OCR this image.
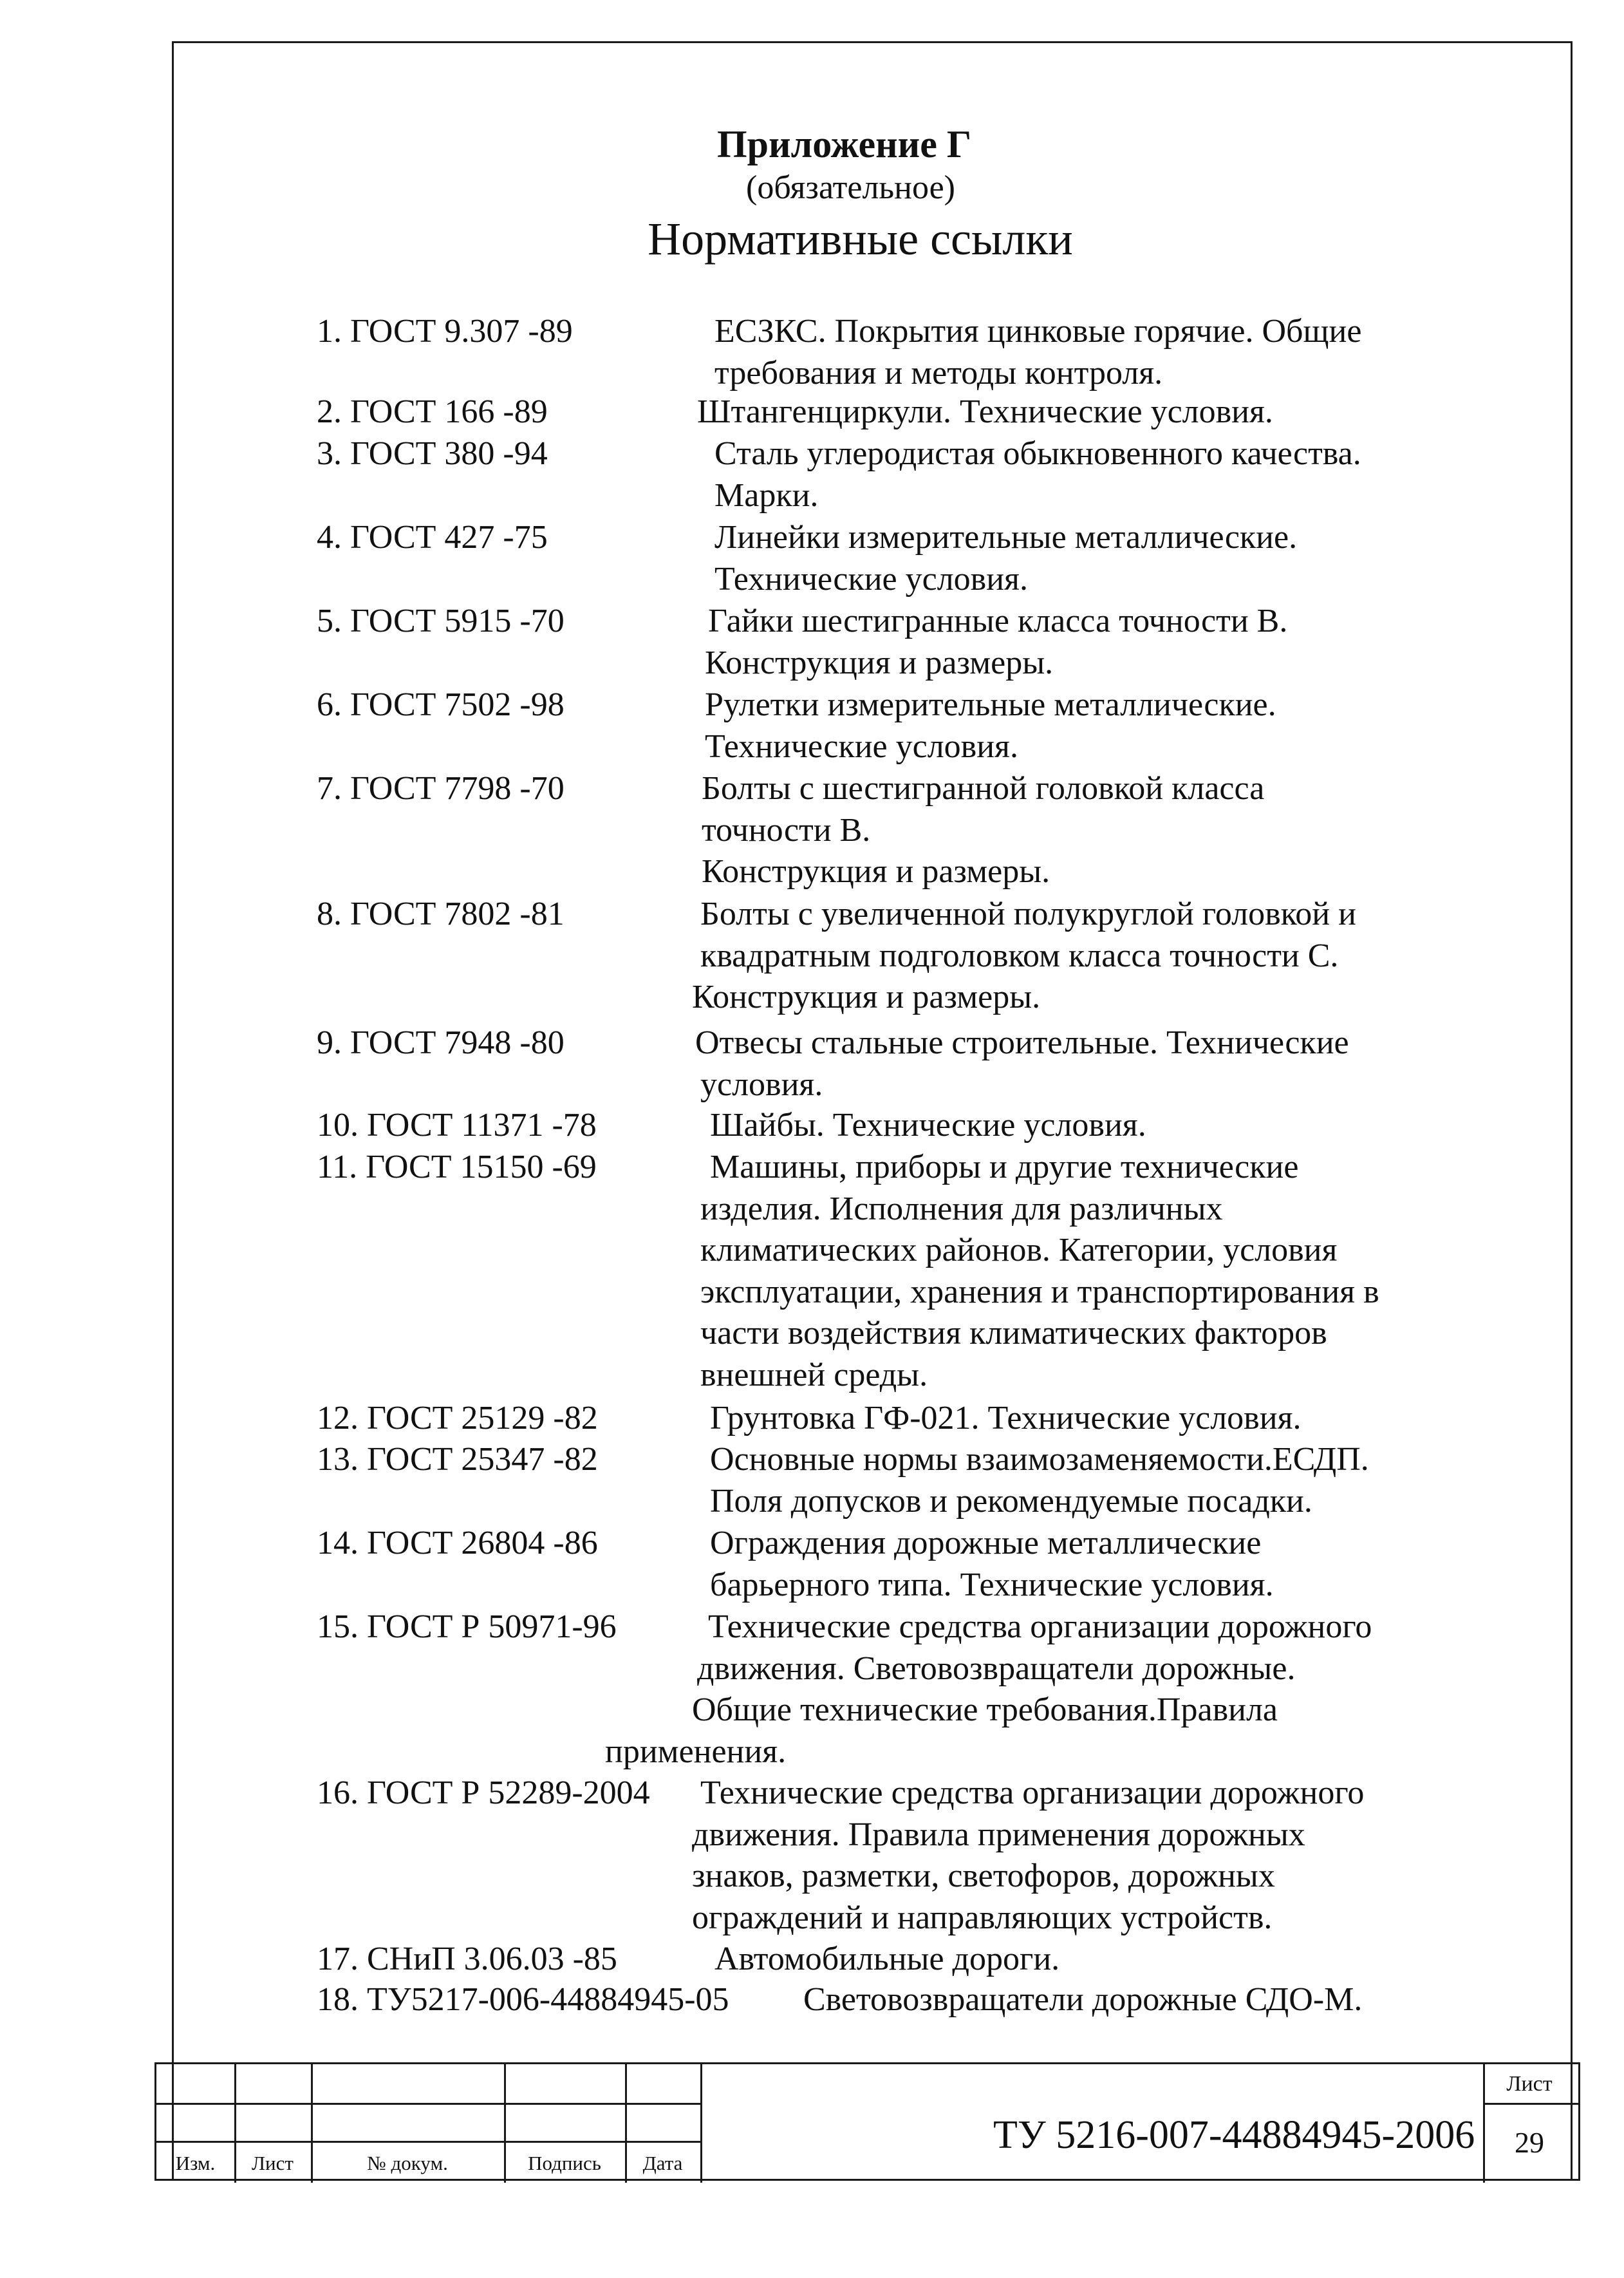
Приложение Г
(обязательное)
Нормативные ссылки
1. ГОСТ 9.307 -89	ЕСЗКС. Покрытия цинковые горячие. Общие
требования и методы контроля.
2. ГОСТ 166 -89	Штангенциркули. Технические условия.
3. ГОСТ 380 -94	Сталь углеродистая обыкновенного качества.
Марки.
4. ГОСТ 427 -75	Линейки измерительные металлические.
Технические условия.
5. ГОСТ 5915 -70	Гайки шестигранные класса точности В.
Конструкция и размеры.
6. ГОСТ 7502 -98	Рулетки измерительные металлические.
Технические условия.
7. ГОСТ 7798 -70	Болты с шестигранной головкой класса
точности В.
Конструкция и размеры.
8. ГОСТ 7802 -81	Болты с увеличенной полукруглой головкой и
квадратным подголовком класса точности С.
Конструкция и размеры.
9. ГОСТ 7948 -80	Отвесы стальные строительные. Технические
условия.
10. ГОСТ 11371 -78	Шайбы. Технические условия.
11. ГОСТ 15150 -69	Машины, приборы и другие технические
изделия. Исполнения для различных
климатических районов. Категории, условия
эксплуатации, хранения и транспортирования в
части воздействия климатических факторов
внешней среды.
12. ГОСТ 25129 -82	Грунтовка ГФ-021. Технические условия.
13. ГОСТ 25347 -82	Основные нормы взаимозаменяемости.ЕСДП.
Поля допусков и рекомендуемые посадки.
14. ГОСТ 26804 -86	Ограждения дорожные металлические
барьерного типа. Технические условия.
15. ГОСТ Р 50971-96	Технические средства организации дорожного
движения. Световозвращатели дорожные.
Общие технические требования.Правила
применения.
16. ГОСТ Р 52289-2004 Технические средства организации дорожного
движения. Правила применения дорожных
знаков, разметки, светофоров, дорожных
ограждений и направляющих устройств.
17. СНиП 3.06.03 -85	Автомобильные дороги.
18. ТУ5217-006-44884945-05 Световозвращатели дорожные СДО-М.
Изм.	Лист	№ докум.	Подпись	Дата
ТУ 5216-007-44884945-2006
Лист
29
